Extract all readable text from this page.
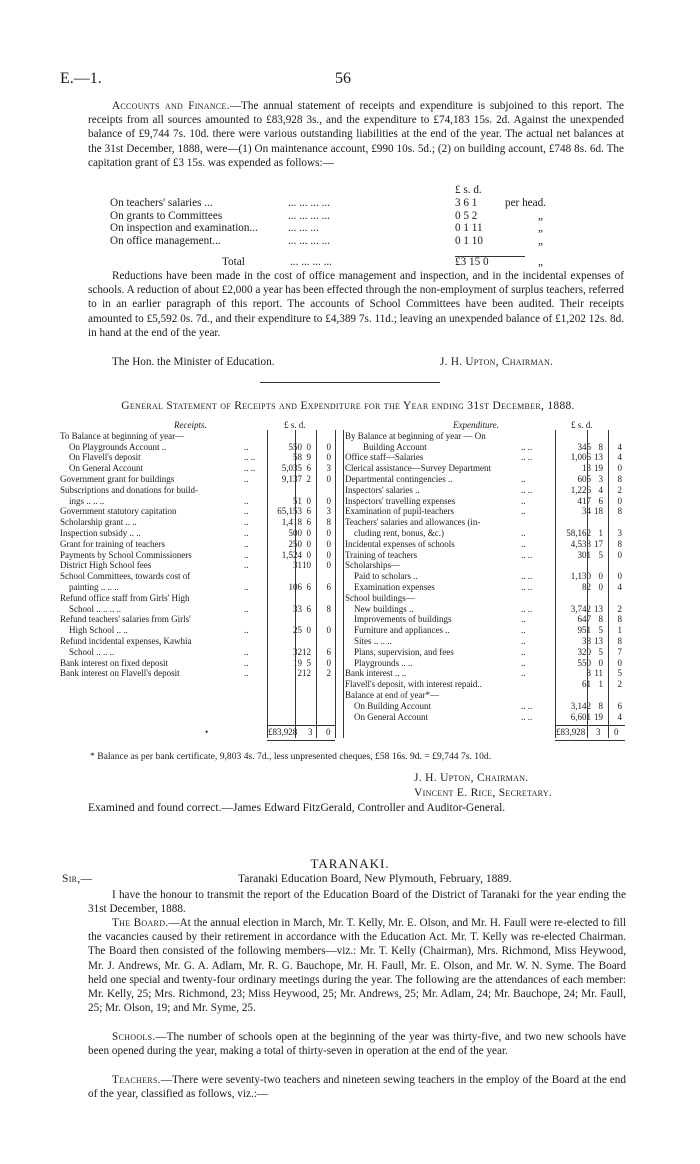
E.—1.	56
Accounts and Finance.—The annual statement of receipts and expenditure is subjoined to this report. The receipts from all sources amounted to £83,928 3s., and the expenditure to £74,183 15s. 2d. Against the unexpended balance of £9,744 7s. 10d. there were various outstanding liabilities at the end of the year. The actual net balances at the 31st December, 1888, were—(1) On maintenance account, £990 10s. 5d.; (2) on building account, £748 8s. 6d. The capitation grant of £3 15s. was expended as follows:—
£ s. d.
On teachers' salaries ...	... ... ... ...	3 6 1 per head.
On grants to Committees	... ... ... ...	0 5 2	„
On inspection and examination...	... ... ...	0 1 11	„
On office management...	... ... ... ...	0 1 10	„
Total	... ... ... ...	£3 15 0	„
Reductions have been made in the cost of office management and inspection, and in the incidental expenses of schools. A reduction of about £2,000 a year has been effected through the non-employment of surplus teachers, referred to in an earlier paragraph of this report. The accounts of School Committees have been audited. Their receipts amounted to £5,592 0s. 7d., and their expenditure to £4,389 7s. 11d.; leaving an unexpended balance of £1,202 12s. 8d. in hand at the end of the year.
The Hon. the Minister of Education.	J. H. Upton, Chairman.
General Statement of Receipts and Expenditure for the Year ending 31st December, 1888.
Receipts.	£ s. d.
To Balance at beginning of year—
On Playgrounds Account ..	..	550 0	0
On Flavell's deposit	.. ..	58 9	0
On General Account	.. ..	5,035 6	3
Government grant for buildings	..	9,137 2	0
Subscriptions and donations for build-
ings .. .. ..	..	51 0	0
Government statutory capitation	..	65,153 6	3
Scholarship grant .. ..	..	1,418 6	8
Inspection subsidy .. ..	..	500 0	0
Grant for training of teachers	..	250 0	0
Payments by School Commissioners	..	1,524 0	0
District High School fees	..	31 10	0
School Committees, towards cost of
painting .. .. ..	..	106 6	6
Refund office staff from Girls' High
School .. .. .. ..	..	33 6	8
Refund teachers' salaries from Girls'
High School .. ..	..	25 0	0
Refund incidental expenses, Kawhia
School .. .. ..	..	32 12	6
Bank interest on fixed deposit	..	19 5	0
Bank interest on Flavell's deposit	..	2 12	2
Expenditure.	£ s. d.
By Balance at beginning of year — On
Building Account	.. ..	345 8	4
Office staff—Salaries	.. ..	1,006 13	4
Clerical assistance—Survey Department	13 19	0
Departmental contingencies ..	..	605 3	8
Inspectors' salaries ..	.. ..	1,226 4	2
Inspectors' travelling expenses	..	417 6	0
Examination of pupil-teachers	..	34 18	8
Teachers' salaries and allowances (in-
cluding rent, bonus, &c.)	..	58,162 1	3
Incidental expenses of schools	..	4,538 17	8
Training of teachers	.. ..	301 5	0
Scholarships—
Paid to scholars ..	.. ..	1,130 0	0
Examination expenses	.. ..	82 0	4
School buildings—
New buildings ..	.. ..	3,742 13	2
Improvements of buildings	..	647 8	8
Furniture and appliances ..	..	951 5	1
Sites .. .. ..	..	38 13	8
Plans, supervision, and fees	..	320 5	7
Playgrounds .. ..	..	550 0	0
Bank interest .. ..	..	8 11	5
Flavell's deposit, with interest repaid..	61 1	2
Balance at end of year*—
On Building Account	.. ..	3,142 8	6
On General Account	.. ..	6,601 19	4
£83,928 3 0
•	£83,928 3 0
* Balance as per bank certificate, 9,803 4s. 7d., less unpresented cheques, £58 16s. 9d. = £9,744 7s. 10d.
J. H. Upton, Chairman.
Vincent E. Rice, Secretary.
Examined and found correct.—James Edward FitzGerald, Controller and Auditor-General.
TARANAKI.
Sir,—	Taranaki Education Board, New Plymouth, February, 1889.
I have the honour to transmit the report of the Education Board of the District of Taranaki for the year ending the 31st December, 1888.
The Board.—At the annual election in March, Mr. T. Kelly, Mr. E. Olson, and Mr. H. Faull were re-elected to fill the vacancies caused by their retirement in accordance with the Education Act. Mr. T. Kelly was re-elected Chairman. The Board then consisted of the following members—viz.: Mr. T. Kelly (Chairman), Mrs. Richmond, Miss Heywood, Mr. J. Andrews, Mr. G. A. Adlam, Mr. R. G. Bauchope, Mr. H. Faull, Mr. E. Olson, and Mr. W. N. Syme. The Board held one special and twenty-four ordinary meetings during the year. The following are the attendances of each member: Mr. Kelly, 25; Mrs. Richmond, 23; Miss Heywood, 25; Mr. Andrews, 25; Mr. Adlam, 24; Mr. Bauchope, 24; Mr. Faull, 25; Mr. Olson, 19; and Mr. Syme, 25.
Schools.—The number of schools open at the beginning of the year was thirty-five, and two new schools have been opened during the year, making a total of thirty-seven in operation at the end of the year.
Teachers.—There were seventy-two teachers and nineteen sewing teachers in the employ of the Board at the end of the year, classified as follows, viz.:—
